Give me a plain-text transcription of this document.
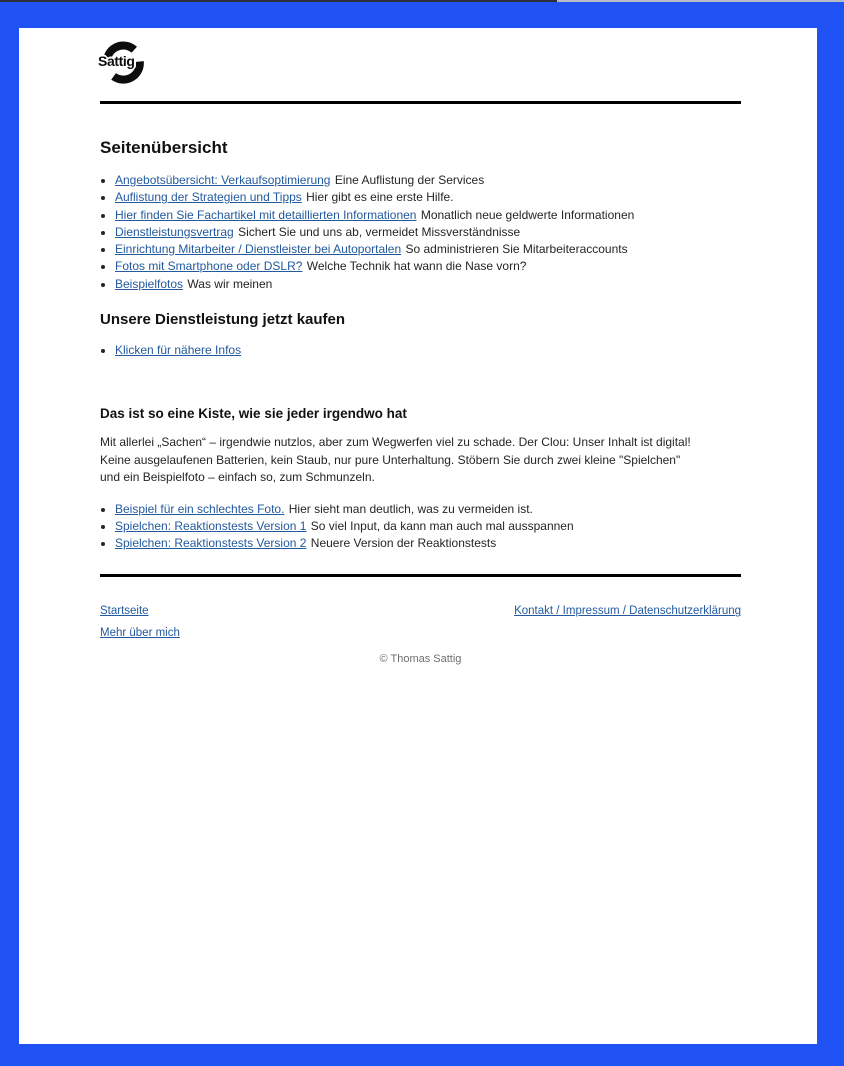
Sattig
Seitenübersicht
• Angebotsübersicht: Verkaufsoptimierung Eine Auflistung der Services
• Auflistung der Strategien und Tipps Hier gibt es eine erste Hilfe.
• Hier finden Sie Fachartikel mit detaillierten Informationen Monatlich neue geldwerte Informationen
• Dienstleistungsvertrag Sichert Sie und uns ab, vermeidet Missverständnisse
• Einrichtung Mitarbeiter / Dienstleister bei Autoportalen So administrieren Sie Mitarbeiteraccounts
• Fotos mit Smartphone oder DSLR? Welche Technik hat wann die Nase vorn?
• Beispielfotos Was wir meinen
Unsere Dienstleistung jetzt kaufen
• Klicken für nähere Infos
Das ist so eine Kiste, wie sie jeder irgendwo hat

Mit allerlei „Sachen“ – irgendwie nutzlos, aber zum Wegwerfen viel zu schade. Der Clou: Unser Inhalt ist digital! Keine ausgelaufenen Batterien, kein Staub, nur pure Unterhaltung. Stöbern Sie durch zwei kleine "Spielchen" und ein Beispielfoto – einfach so, zum Schmunzeln.

• Beispiel für ein schlechtes Foto. Hier sieht man deutlich, was zu vermeiden ist.
• Spielchen: Reaktionstests Version 1 So viel Input, da kann man auch mal ausspannen
• Spielchen: Reaktionstests Version 2 Neuere Version der Reaktionstests
Startseite	Kontakt / Impressum / Datenschutzerklärung
Mehr über mich
© Thomas Sattig
